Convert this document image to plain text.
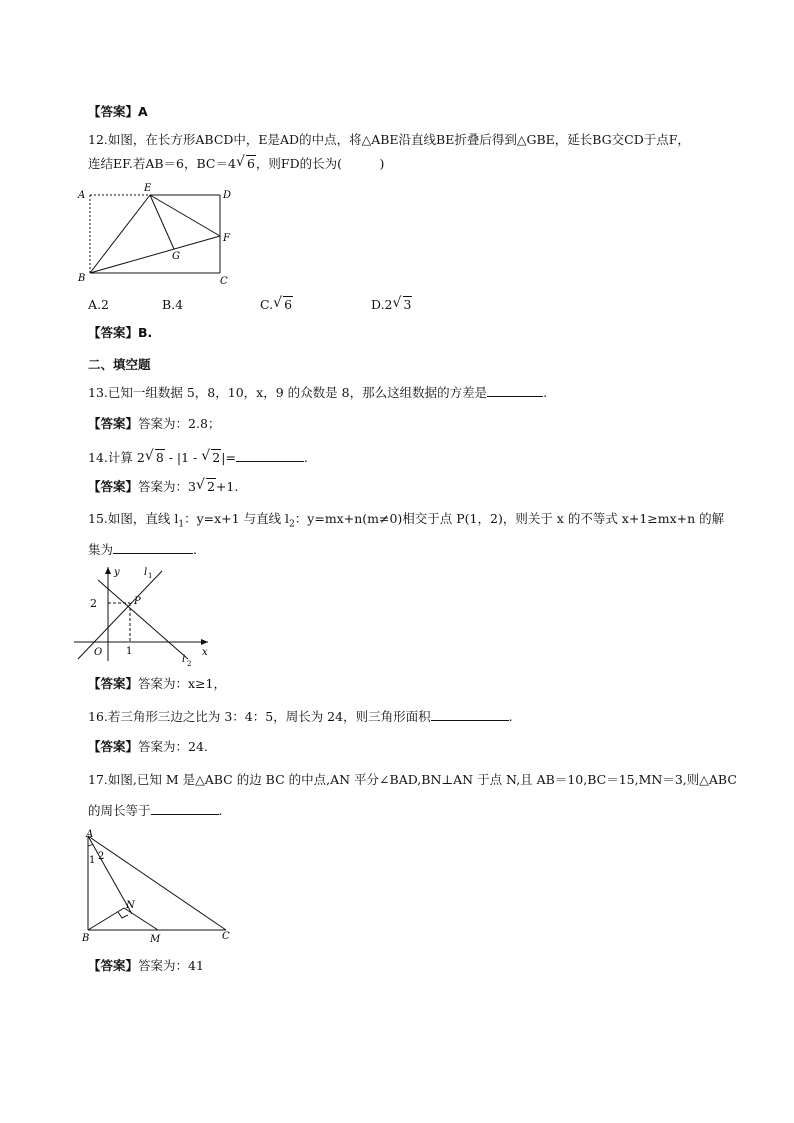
【答案】A
12.如图，在长方形ABCD中，E是AD的中点，将△ABE沿直线BE折叠后得到△GBE，延长BG交CD于点F，
连结EF.若AB＝6，BC＝4 √ 6，则FD的长为(　　　)
A
E
D
F
G
B	C
A.2	B.4	C. √ 6	D.2 √ 3
【答案】B.
二、填空题
13.已知一组数据 5，8，10，x，9 的众数是 8，那么这组数据的方差是	.
【答案】答案为：2.8；
14.计算 2 √ 8 - |1 - √ 2|=	.
【答案】答案为：3 √ 2+1.
15.如图，直线 $l_1$：y=x+1 与直线 $l_2$：y=mx+n(m≠0)相交于点 P(1，2)，则关于 x 的不等式 x+1≥mx+n 的解
集为	.
y l 1
2	P
O 1	x
l 2
【答案】答案为：x≥1，
16.若三角形三边之比为 3：4：5，周长为 24，则三角形面积	.
【答案】答案为：24.
17.如图,已知 M 是△ABC 的边 BC 的中点,AN 平分∠BAD,BN⊥AN 于点 N,且 AB＝10,BC＝15,MN＝3,则△ABC
的周长等于	.
A
1 2
N
B	M	C
【答案】答案为：41
